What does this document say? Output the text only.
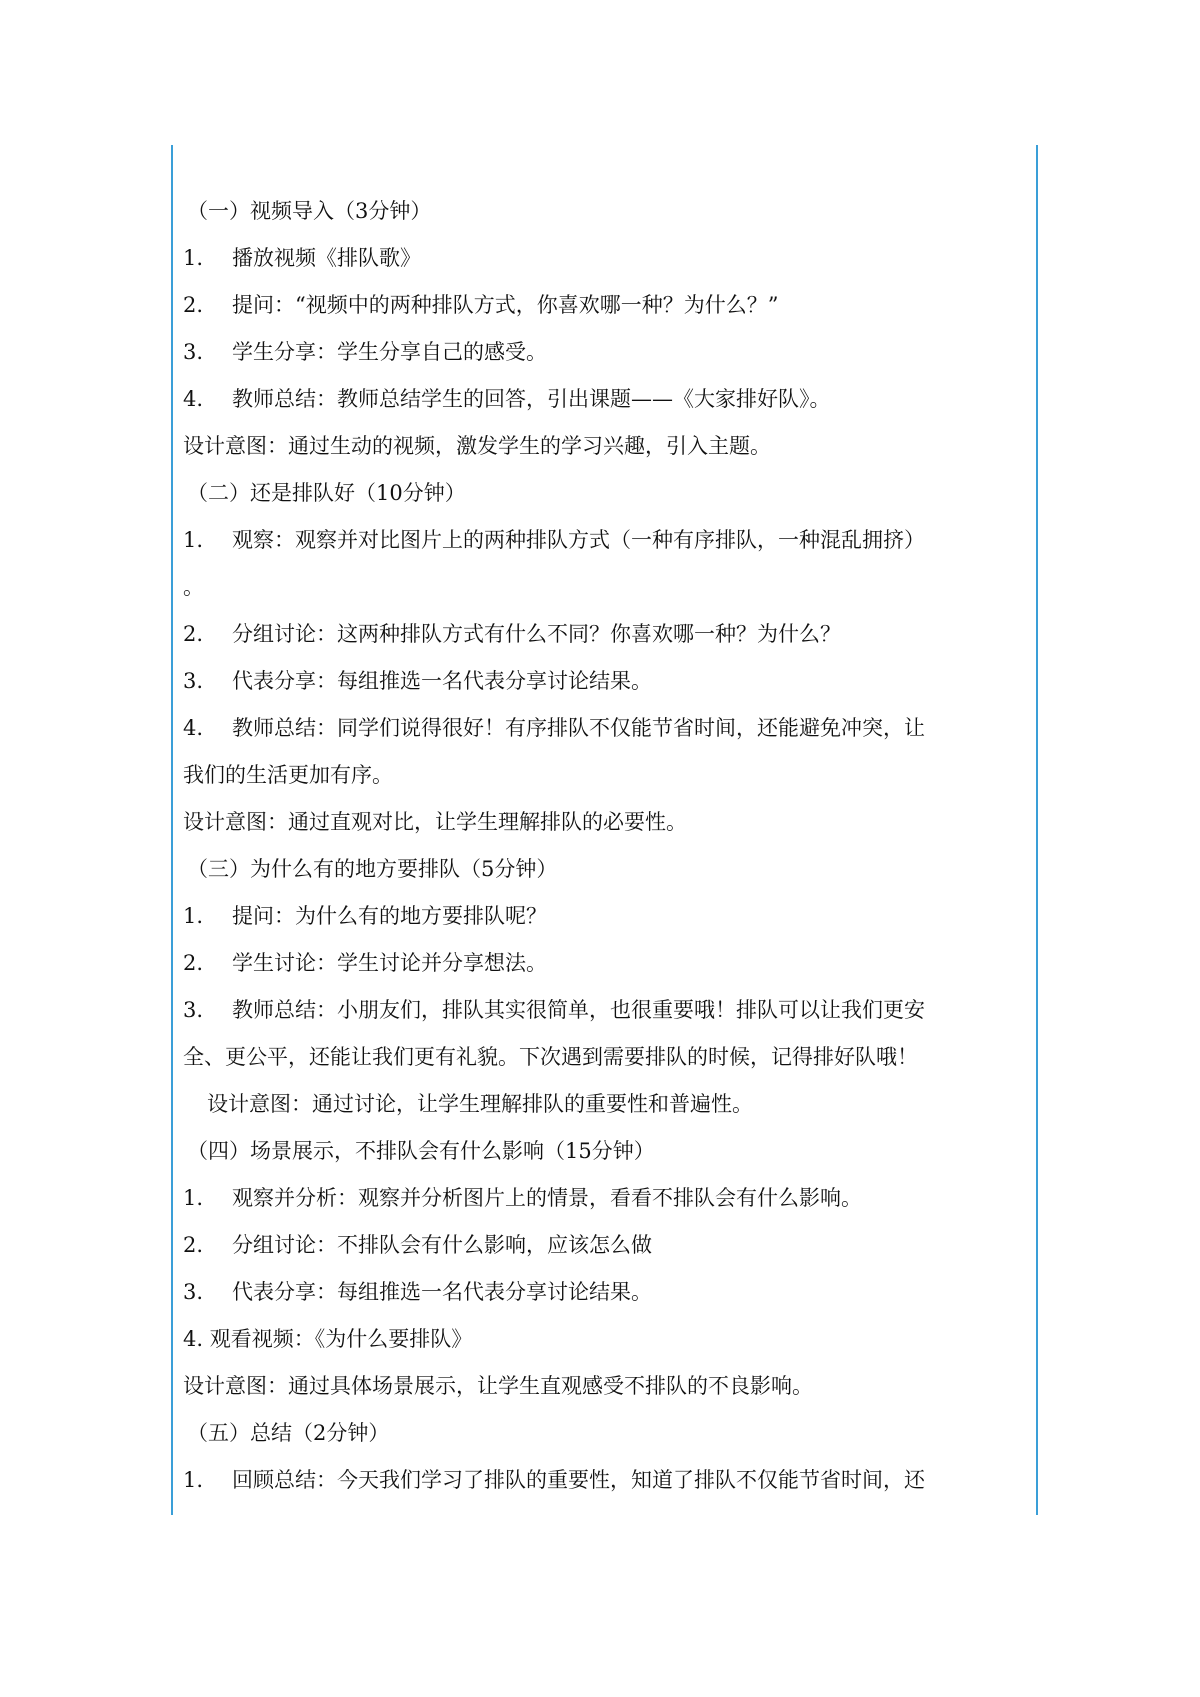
（一）视频导入（3分钟）
1. 播放视频《排队歌》
2. 提问：“视频中的两种排队方式，你喜欢哪一种？为什么？”
3. 学生分享：学生分享自己的感受。
4. 教师总结：教师总结学生的回答，引出课题——《大家排好队》。
设计意图：通过生动的视频，激发学生的学习兴趣，引入主题。
（二）还是排队好（10分钟）
1. 观察：观察并对比图片上的两种排队方式（一种有序排队，一种混乱拥挤）
。
2. 分组讨论：这两种排队方式有什么不同？你喜欢哪一种？为什么？
3. 代表分享：每组推选一名代表分享讨论结果。
4. 教师总结：同学们说得很好！有序排队不仅能节省时间，还能避免冲突，让
我们的生活更加有序。
设计意图：通过直观对比，让学生理解排队的必要性。
（三）为什么有的地方要排队（5分钟）
1. 提问：为什么有的地方要排队呢？
2. 学生讨论：学生讨论并分享想法。
3. 教师总结：小朋友们，排队其实很简单，也很重要哦！排队可以让我们更安
全、更公平，还能让我们更有礼貌。下次遇到需要排队的时候，记得排好队哦！
设计意图：通过讨论，让学生理解排队的重要性和普遍性。
（四）场景展示，不排队会有什么影响（15分钟）
1. 观察并分析：观察并分析图片上的情景，看看不排队会有什么影响。
2. 分组讨论：不排队会有什么影响，应该怎么做
3. 代表分享：每组推选一名代表分享讨论结果。
4. 观看视频：《为什么要排队》
设计意图：通过具体场景展示，让学生直观感受不排队的不良影响。
（五）总结（2分钟）
1. 回顾总结：今天我们学习了排队的重要性，知道了排队不仅能节省时间，还
